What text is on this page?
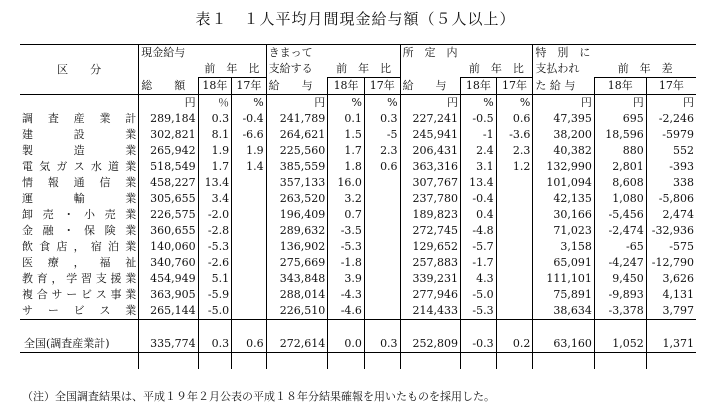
表１　１人平均月間現金給与額（５人以上）
区　　分	現金給与			きまって			所　定　内			特　別　に		
		前　年　比		支給する	前　年　比			前　年　比		支払われ	前　年　差	
	総　　額	18年	17年	給　　与	18年	17年	給　　与	18年	17年	た 給 与	18年	17年
	円	％	%	円	%	%	円	%	%	円	円	円
調査産業計	289,184	0.3	-0.4	241,789	0.1	0.3	227,241	-0.5	0.6	47,395	695	-2,246
建設業	302,821	8.1	-6.6	264,621	1.5	-5	245,941	-1	-3.6	38,200	18,596	-5979
製造業	265,942	1.9	1.9	225,560	1.7	2.3	206,431	2.4	2.3	40,382	880	552
電気ガス水道業	518,549	1.7	1.4	385,559	1.8	0.6	363,316	3.1	1.2	132,990	2,801	-393
情報通信業	458,227	13.4		357,133	16.0		307,767	13.4		101,094	8,608	338
運輸業	305,655	3.4		263,520	3.2		237,780	-0.4		42,135	1,080	-5,806
卸売・小売業	226,575	-2.0		196,409	0.7		189,823	0.4		30,166	-5,456	2,474
金融・保険業	360,655	-2.8		289,632	-3.5		272,745	-4.8		71,023	-2,474	-32,936
飲食店，宿泊業	140,060	-5.3		136,902	-5.3		129,652	-5.7		3,158	-65	-575
医療，福祉	340,760	-2.6		275,669	-1.8		257,883	-1.7		65,091	-4,247	-12,790
教育，学習支援業	454,949	5.1		343,848	3.9		339,231	4.3		111,101	9,450	3,626
複合サービス事業	363,905	-5.9		288,014	-4.3		277,946	-5.0		75,891	-9,893	4,131
サービス業	265,144	-5.0		226,510	-4.6		214,433	-5.3		38,634	-3,378	3,797

全国(調査産業計)	335,774	0.3	0.6	272,614	0.0	0.3	252,809	-0.3	0.2	63,160	1,052	1,371

（注）全国調査結果は、平成１９年２月公表の平成１８年分結果確報を用いたものを採用した。
